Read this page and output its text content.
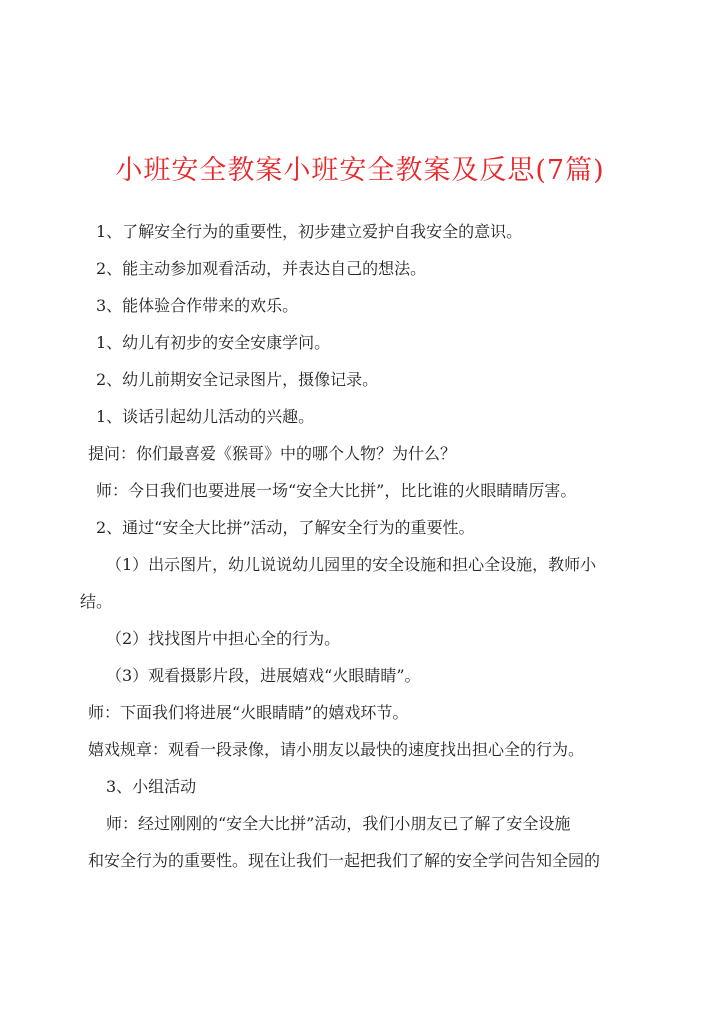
小班安全教案小班安全教案及反思(7篇)

1、了解安全行为的重要性，初步建立爱护自我安全的意识。

2、能主动参加观看活动，并表达自己的想法。

3、能体验合作带来的欢乐。

1、幼儿有初步的安全安康学问。

2、幼儿前期安全记录图片，摄像记录。

1、谈话引起幼儿活动的兴趣。

提问：你们最喜爱《猴哥》中的哪个人物？为什么？

师：今日我们也要进展一场“安全大比拼”，比比谁的火眼睛睛厉害。

2、通过“安全大比拼”活动，了解安全行为的重要性。

（1）出示图片，幼儿说说幼儿园里的安全设施和担心全设施，教师小

结。

（2）找找图片中担心全的行为。

（3）观看摄影片段，进展嬉戏“火眼睛睛”。

师：下面我们将进展“火眼睛睛”的嬉戏环节。

嬉戏规章：观看一段录像，请小朋友以最快的速度找出担心全的行为。

3、小组活动

师：经过刚刚的“安全大比拼”活动，我们小朋友已了解了安全设施

和安全行为的重要性。现在让我们一起把我们了解的安全学问告知全园的
